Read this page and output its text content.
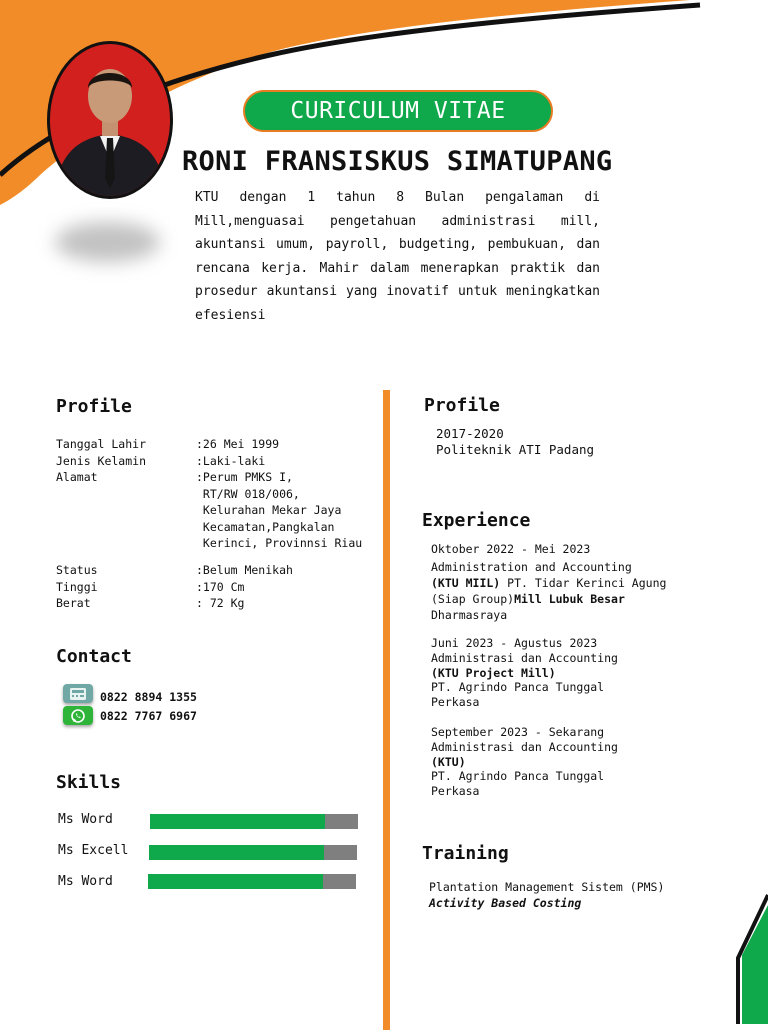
CURICULUM VITAE
RONI FRANSISKUS SIMATUPANG
KTU dengan 1 tahun 8 Bulan pengalaman di Mill,menguasai pengetahuan administrasi mill, akuntansi umum, payroll, budgeting, pembukuan, dan rencana kerja. Mahir dalam menerapkan praktik dan prosedur akuntansi yang inovatif untuk meningkatkan efesiensi
Profile
Tanggal Lahir
Jenis Kelamin
Alamat
:26 Mei 1999
:Laki-laki
:Perum PMKS I,
RT/RW 018/006,
Kelurahan Mekar Jaya
Kecamatan,Pangkalan
Kerinci, Provinnsi Riau
Status
Tinggi
Berat
:Belum Menikah
:170 Cm
: 72 Kg
Contact
0822 8894 1355
0822 7767 6967
Skills
Ms Word
Ms Excell
Ms Word
Profile
2017-2020
Politeknik ATI Padang
Experience
Oktober 2022 - Mei 2023
Administration and Accounting
(KTU MIIL) PT. Tidar Kerinci Agung
(Siap Group)Mill Lubuk Besar
Dharmasraya
Juni 2023 - Agustus 2023
Administrasi dan Accounting
(KTU Project Mill)
PT. Agrindo Panca Tunggal
Perkasa
September 2023 - Sekarang
Administrasi dan Accounting
(KTU)
PT. Agrindo Panca Tunggal
Perkasa
Training
Plantation Management Sistem (PMS)
Activity Based Costing
